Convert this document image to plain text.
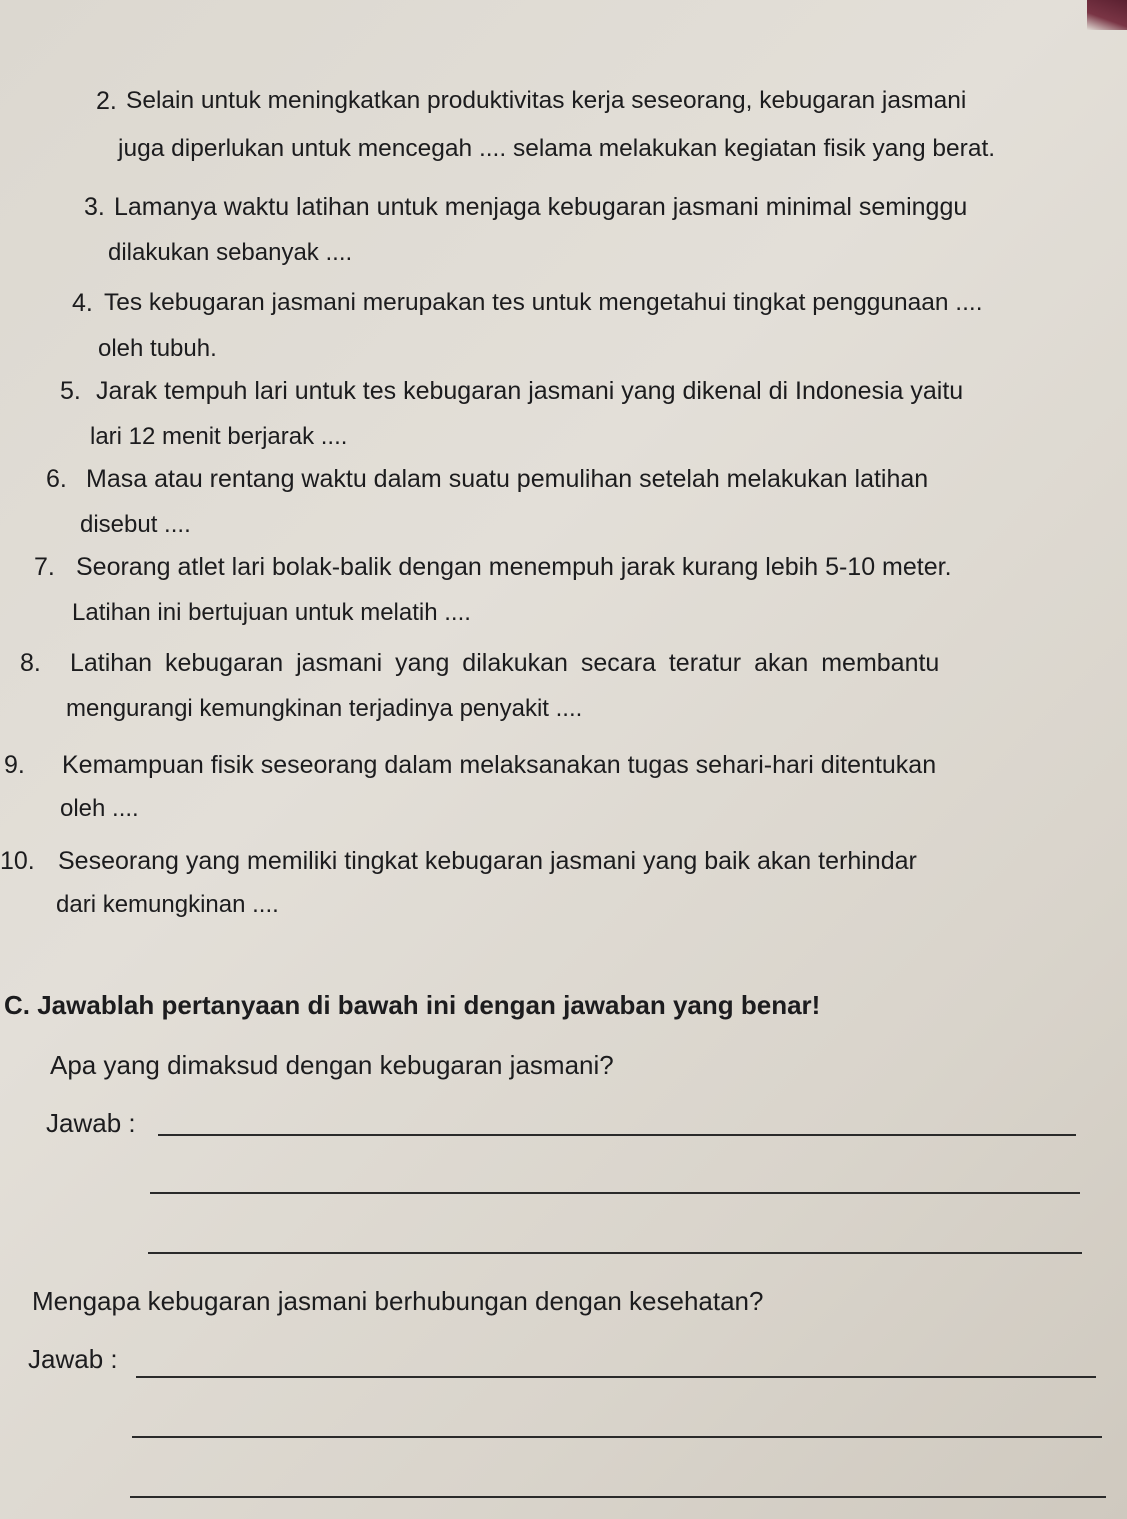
2. Selain untuk meningkatkan produktivitas kerja seseorang, kebugaran jasmani
juga diperlukan untuk mencegah .... selama melakukan kegiatan fisik yang berat.
3. Lamanya waktu latihan untuk menjaga kebugaran jasmani minimal seminggu
dilakukan sebanyak ....
4. Tes kebugaran jasmani merupakan tes untuk mengetahui tingkat penggunaan ....
oleh tubuh.
5. Jarak tempuh lari untuk tes kebugaran jasmani yang dikenal di Indonesia yaitu
lari 12 menit berjarak ....
6. Masa atau rentang waktu dalam suatu pemulihan setelah melakukan latihan
disebut ....
7. Seorang atlet lari bolak-balik dengan menempuh jarak kurang lebih 5-10 meter.
Latihan ini bertujuan untuk melatih ....
8.	Latihan kebugaran jasmani yang dilakukan secara teratur akan membantu
mengurangi kemungkinan terjadinya penyakit ....
9.	Kemampuan fisik seseorang dalam melaksanakan tugas sehari-hari ditentukan
oleh ....
10. Seseorang yang memiliki tingkat kebugaran jasmani yang baik akan terhindar
dari kemungkinan ....
C. Jawablah pertanyaan di bawah ini dengan jawaban yang benar!
Apa yang dimaksud dengan kebugaran jasmani?
Jawab :
Mengapa kebugaran jasmani berhubungan dengan kesehatan?
Jawab :
